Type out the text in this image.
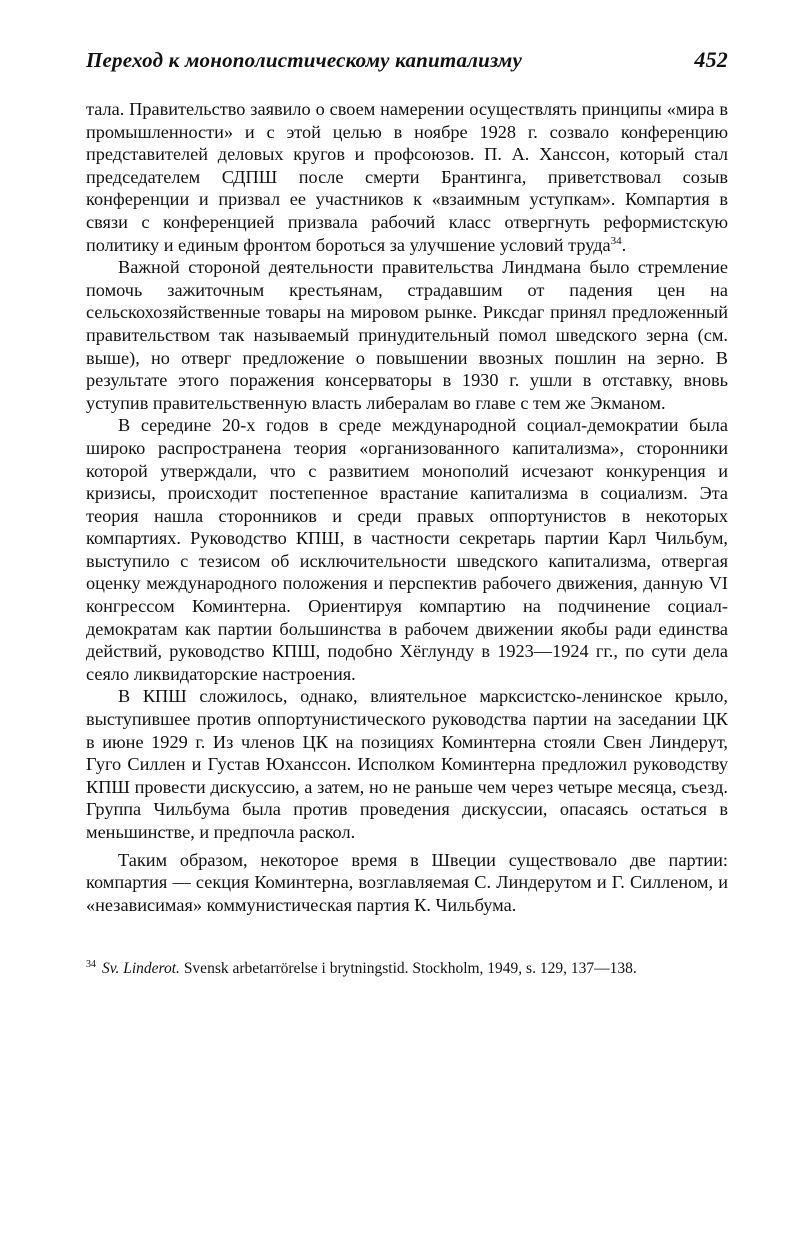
Переход к монополистическому капитализму	452

тала. Правительство заявило о своем намерении осуществлять принципы «мира в промышленности» и с этой целью в ноябре 1928 г. созвало конференцию представителей деловых кругов и профсоюзов. П. А. Ханссон, который стал председателем СДПШ после смерти Брантинга, приветствовал созыв конференции и призвал ее участников к «взаимным уступкам». Компартия в связи с конференцией призвала рабочий класс отвергнуть реформистскую политику и единым фронтом бороться за улучшение условий труда$^{34}$.

Важной стороной деятельности правительства Линдмана было стремление помочь зажиточным крестьянам, страдавшим от падения цен на сельскохозяйственные товары на мировом рынке. Риксдаг принял предложенный правительством так называемый принудительный помол шведского зерна (см. выше), но отверг предложение о повышении ввозных пошлин на зерно. В результате этого поражения консерваторы в 1930 г. ушли в отставку, вновь уступив правительственную власть либералам во главе с тем же Экманом.

В середине 20-х годов в среде международной социал-демократии была широко распространена теория «организованного капитализма», сторонники которой утверждали, что с развитием монополий исчезают конкуренция и кризисы, происходит постепенное врастание капитализма в социализм. Эта теория нашла сторонников и среди правых оппортунистов в некоторых компартиях. Руководство КПШ, в частности секретарь партии Карл Чильбум, выступило с тезисом об исключительности шведского капитализма, отвергая оценку международного положения и перспектив рабочего движения, данную VI конгрессом Коминтерна. Ориентируя компартию на подчинение социал-демократам как партии большинства в рабочем движении якобы ради единства действий, руководство КПШ, подобно Хёглунду в 1923—1924 гг., по сути дела сеяло ликвидаторские настроения.

В КПШ сложилось, однако, влиятельное марксистско-ленинское крыло, выступившее против оппортунистического руководства партии на заседании ЦК в июне 1929 г. Из членов ЦК на позициях Коминтерна стояли Свен Линдерут, Гуго Силлен и Густав Юханссон. Исполком Коминтерна предложил руководству КПШ провести дискуссию, а затем, но не раньше чем через четыре месяца, съезд. Группа Чильбума была против проведения дискуссии, опасаясь остаться в меньшинстве, и предпочла раскол.

Таким образом, некоторое время в Швеции существовало две партии: компартия — секция Коминтерна, возглавляемая С. Линдерутом и Г. Силленом, и «независимая» коммунистическая партия К. Чильбума.

$^{34}$ Sv. Linderot. Svensk arbetarrörelse i brytningstid. Stockholm, 1949, s. 129, 137—138.
